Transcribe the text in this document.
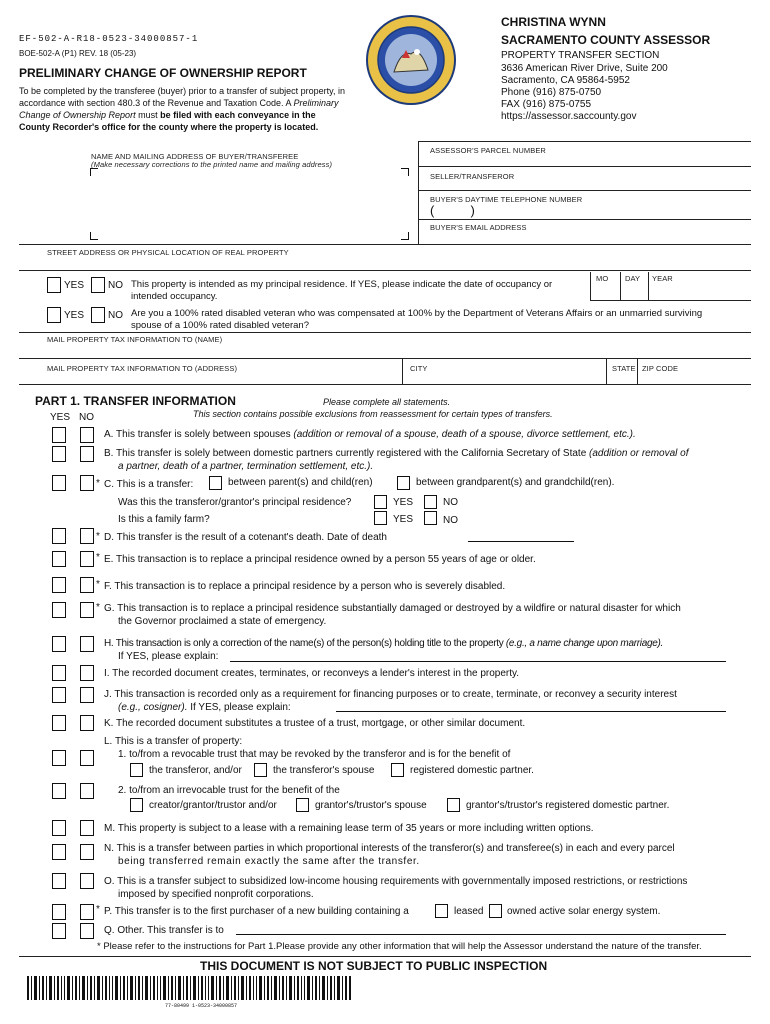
EF-502-A-R18-0523-34000857-1
BOE-502-A (P1) REV. 18 (05-23)
PRELIMINARY CHANGE OF OWNERSHIP REPORT
To be completed by the transferee (buyer) prior to a transfer of subject property, in accordance with section 480.3 of the Revenue and Taxation Code. A Preliminary Change of Ownership Report must be filed with each conveyance in the County Recorder's office for the county where the property is located.
CHRISTINA WYNN
SACRAMENTO COUNTY ASSESSOR
PROPERTY TRANSFER SECTION
3636 American River Drive, Suite 200
Sacramento, CA 95864-5952
Phone (916) 875-0750
FAX (916) 875-0755
https://assessor.saccounty.gov
NAME AND MAILING ADDRESS OF BUYER/TRANSFEREE
(Make necessary corrections to the printed name and mailing address)
ASSESSOR'S PARCEL NUMBER
SELLER/TRANSFEROR
BUYER'S DAYTIME TELEPHONE NUMBER
(          )
BUYER'S EMAIL ADDRESS
STREET ADDRESS OR PHYSICAL LOCATION OF REAL PROPERTY
YES NO This property is intended as my principal residence. If YES, please indicate the date of occupancy or intended occupancy.
MO DAY YEAR
YES NO Are you a 100% rated disabled veteran who was compensated at 100% by the Department of Veterans Affairs or an unmarried surviving spouse of a 100% rated disabled veteran?
MAIL PROPERTY TAX INFORMATION TO (NAME)
MAIL PROPERTY TAX INFORMATION TO (ADDRESS)	CITY	STATE ZIP CODE
PART 1. TRANSFER INFORMATION	Please complete all statements.
This section contains possible exclusions from reassessment for certain types of transfers.
YES NO
A. This transfer is solely between spouses (addition or removal of a spouse, death of a spouse, divorce settlement, etc.).
B. This transfer is solely between domestic partners currently registered with the California Secretary of State (addition or removal of
a partner, death of a partner, termination settlement, etc.).
* C. This is a transfer:	between parent(s) and child(ren)	between grandparent(s) and grandchild(ren).
Was this the transferor/grantor's principal residence?	YES	NO
Is this a family farm?	YES	NO
* D. This transfer is the result of a cotenant's death. Date of death
* E. This transaction is to replace a principal residence owned by a person 55 years of age or older.
* F. This transaction is to replace a principal residence by a person who is severely disabled.
* G. This transaction is to replace a principal residence substantially damaged or destroyed by a wildfire or natural disaster for which
the Governor proclaimed a state of emergency.
H. This transaction is only a correction of the name(s) of the person(s) holding title to the property (e.g., a name change upon marriage).
If YES, please explain:
I. The recorded document creates, terminates, or reconveys a lender's interest in the property.
J. This transaction is recorded only as a requirement for financing purposes or to create, terminate, or reconvey a security interest
(e.g., cosigner). If YES, please explain:
K. The recorded document substitutes a trustee of a trust, mortgage, or other similar document.
L. This is a transfer of property:
1. to/from a revocable trust that may be revoked by the transferor and is for the benefit of
the transferor, and/or	the transferor's spouse	registered domestic partner.
2. to/from an irrevocable trust for the benefit of the
creator/grantor/trustor and/or	grantor's/trustor's spouse	grantor's/trustor's registered domestic partner.
M. This property is subject to a lease with a remaining lease term of 35 years or more including written options.
N. This is a transfer between parties in which proportional interests of the transferor(s) and transferee(s) in each and every parcel
being transferred remain exactly the same after the transfer.
O. This is a transfer subject to subsidized low-income housing requirements with governmentally imposed restrictions, or restrictions
imposed by specified nonprofit corporations.
* P. This transfer is to the first purchaser of a new building containing a	leased owned active solar energy system.
Q. Other. This transfer is to
* Please refer to the instructions for Part 1.Please provide any other information that will help the Assessor understand the nature of the transfer.
THIS DOCUMENT IS NOT SUBJECT TO PUBLIC INSPECTION
77-80499 1-0523-34000857
